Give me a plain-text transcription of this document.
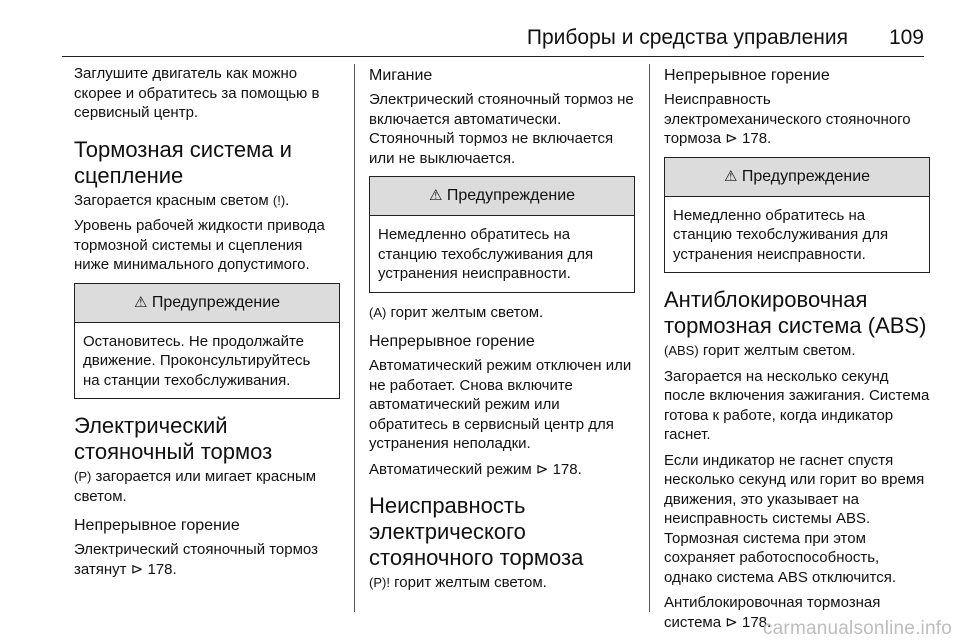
Приборы и средства управления 109

Заглушите двигатель как можно скорее и обратитесь за помощью в сервисный центр.

Тормозная система и сцепление

Загорается красным светом (!).

Уровень рабочей жидкости привода тормозной системы и сцепления ниже минимального допустимого.

⚠ Предупреждение
Остановитесь. Не продолжайте движение. Проконсультируйтесь на станции техобслуживания.
Электрический стояночный тормоз

(P) загорается или мигает красным светом.

Непрерывное горение

Электрический стояночный тормоз затянут ⊳ 178.

Мигание

Электрический стояночный тормоз не включается автоматически. Стояночный тормоз не включается или не выключается.

⚠ Предупреждение
Немедленно обратитесь на станцию техобслуживания для устранения неисправности.

(A) горит желтым светом.

Непрерывное горение

Автоматический режим отключен или не работает. Снова включите автоматический режим или обратитесь в сервисный центр для устранения неполадки.

Автоматический режим ⊳ 178.

Неисправность электрического стояночного тормоза

(P)! горит желтым светом.

Непрерывное горение

Неисправность электромеханического стояночного тормоза ⊳ 178.

⚠ Предупреждение
Немедленно обратитесь на станцию техобслуживания для устранения неисправности.
Антиблокировочная тормозная система (ABS)

(ABS) горит желтым светом.

Загорается на несколько секунд после включения зажигания. Система готова к работе, когда индикатор гаснет.

Если индикатор не гаснет спустя несколько секунд или горит во время движения, это указывает на неисправность системы ABS. Тормозная система при этом сохраняет работоспособность, однако система ABS отключится.

Антиблокировочная тормозная система ⊳ 178.

carmanualsonline.info
